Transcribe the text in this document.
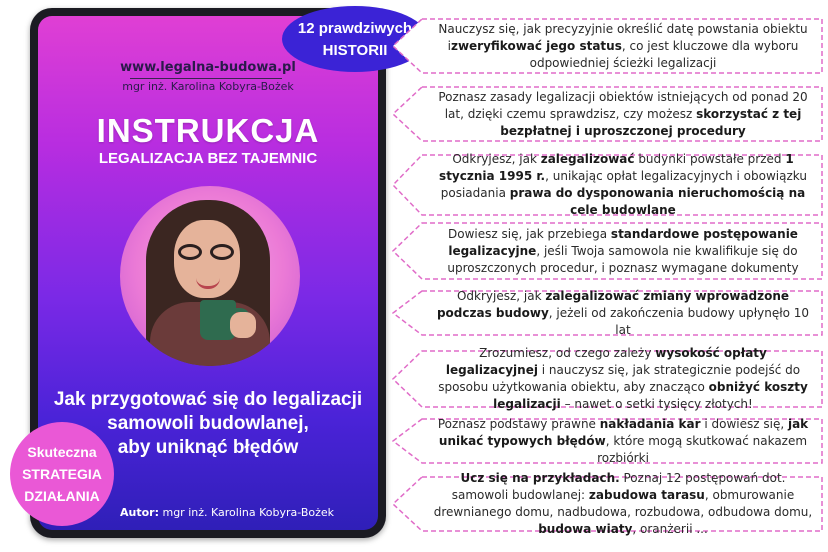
www.legalna-budowa.pl
mgr inż. Karolina Kobyra-Bożek
INSTRUKCJA
LEGALIZACJA BEZ TAJEMNIC
Jak przygotować się do legalizacji
samowoli budowlanej,
aby uniknąć błędów
Autor: mgr inż. Karolina Kobyra-Bożek
12 prawdziwych
HISTORII
Skuteczna
STRATEGIA
DZIAŁANIA
Nauczysz się, jak precyzyjnie określić datę powstania obiektu izweryfikować jego status, co jest kluczowe dla wyboru odpowiedniej ścieżki legalizacji
Poznasz zasady legalizacji obiektów istniejących od ponad 20 lat, dzięki czemu sprawdzisz, czy możesz skorzystać z tej bezpłatnej i uproszczonej procedury
Odkryjesz, jak zalegalizować budynki powstałe przed 1 stycznia 1995 r., unikając opłat legalizacyjnych i obowiązku posiadania prawa do dysponowania nieruchomością na cele budowlane
Dowiesz się, jak przebiega standardowe postępowanie legalizacyjne, jeśli Twoja samowola nie kwalifikuje się do uproszczonych procedur, i poznasz wymagane dokumenty
Odkryjesz, jak zalegalizować zmiany wprowadzone podczas budowy, jeżeli od zakończenia budowy upłynęło 10 lat
Zrozumiesz, od czego zależy wysokość opłaty legalizacyjnej i nauczysz się, jak strategicznie podejść do sposobu użytkowania obiektu, aby znacząco obniżyć koszty legalizacji – nawet o setki tysięcy złotych!
Poznasz podstawy prawne nakładania kar i dowiesz się, jak unikać typowych błędów, które mogą skutkować nakazem rozbiórki
Ucz się na przykładach. Poznaj 12 postępowań dot. samowoli budowlanej: zabudowa tarasu, obmurowanie drewnianego domu, nadbudowa, rozbudowa, odbudowa domu, budowa wiaty, oranżerii ...
